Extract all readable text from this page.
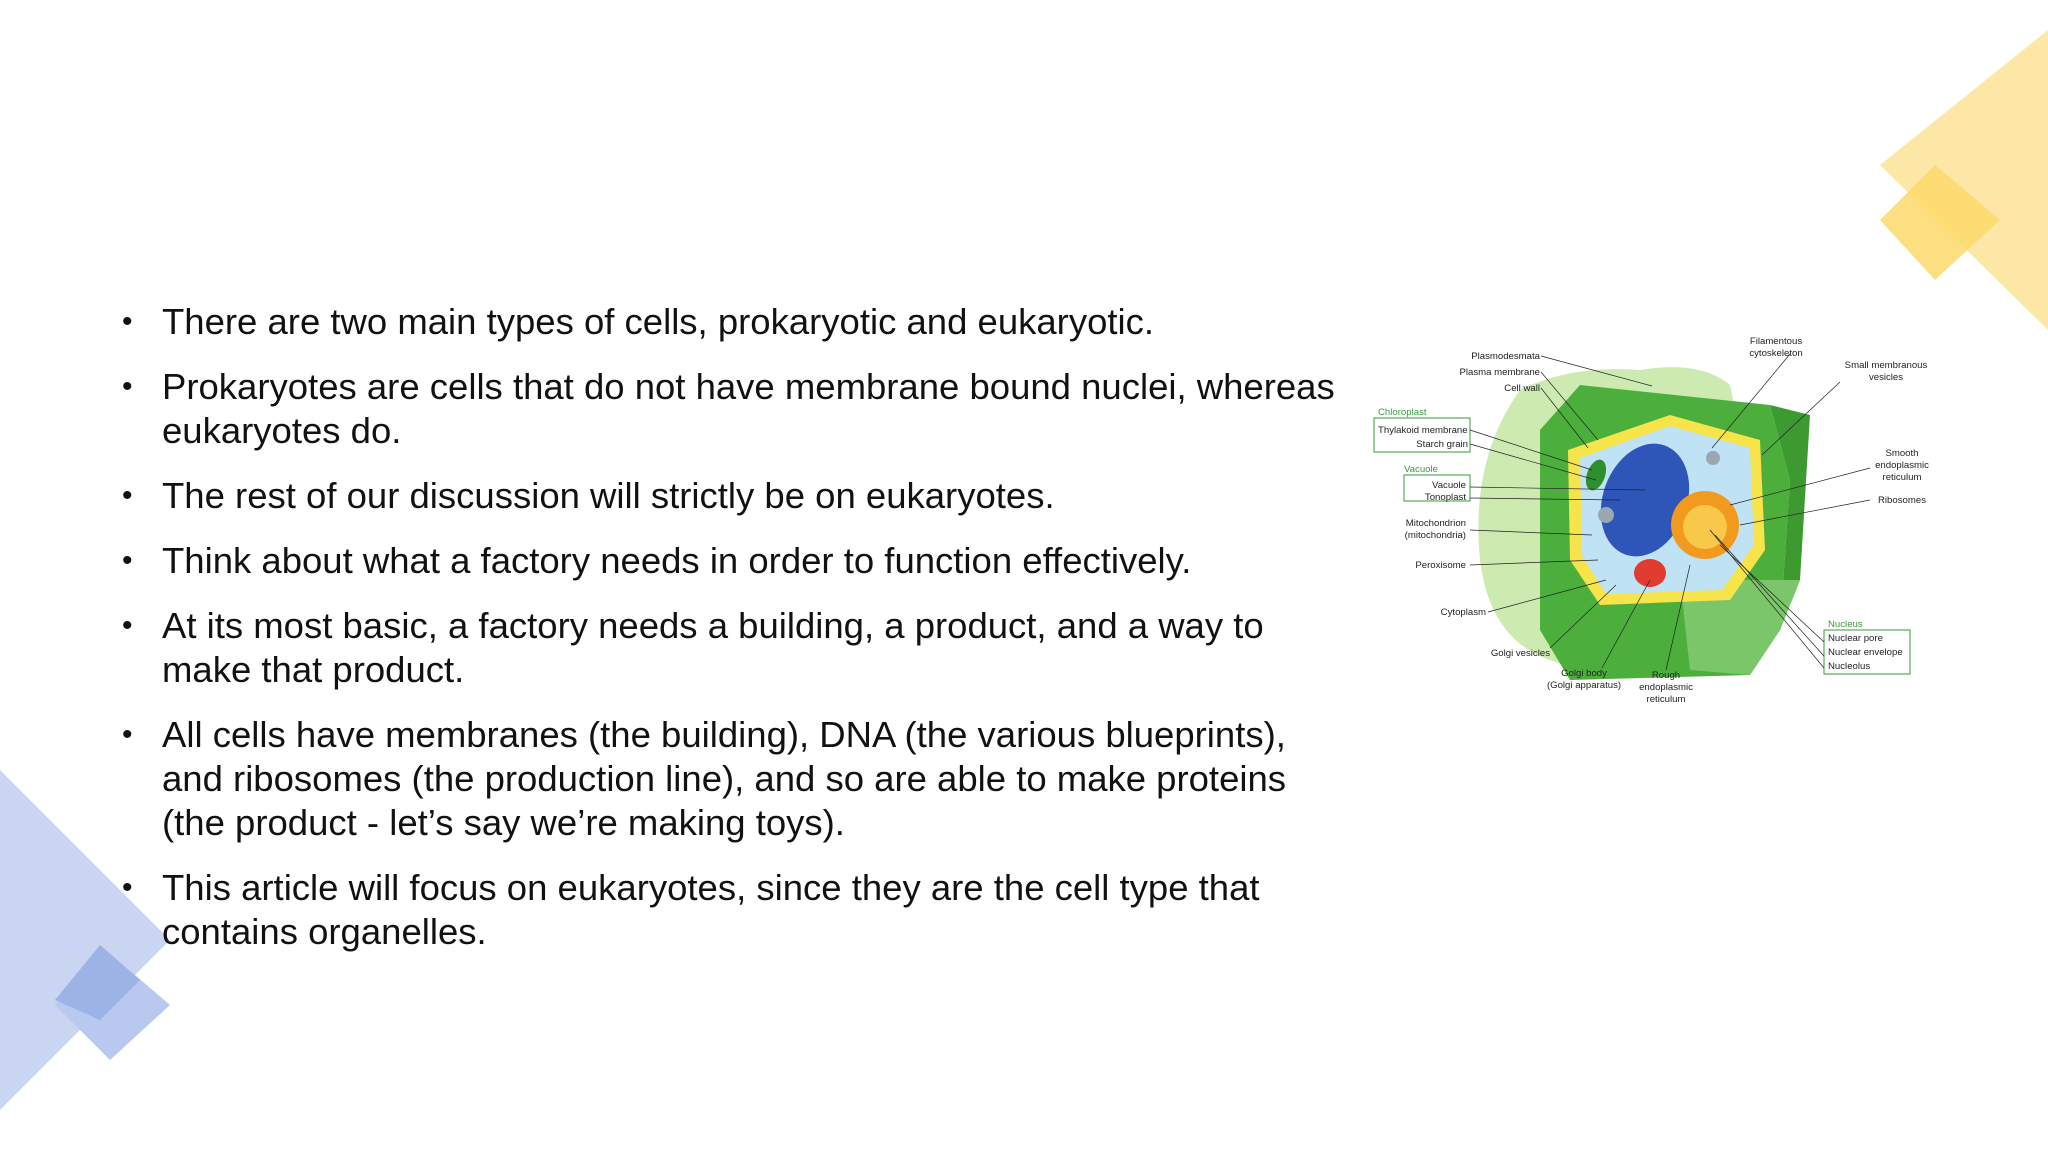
• There are two main types of cells, prokaryotic and eukaryotic.
• Prokaryotes are cells that do not have membrane bound nuclei, whereas eukaryotes do.
• The rest of our discussion will strictly be on eukaryotes.
• Think about what a factory needs in order to function effectively.
• At its most basic, a factory needs a building, a product, and a way to make that product.
• All cells have membranes (the building), DNA (the various blueprints), and ribosomes (the production line), and so are able to make proteins (the product - let’s say we’re making toys).
• This article will focus on eukaryotes, since they are the cell type that contains organelles.
Plasmodesmata
Plasma membrane
Cell wall
Chloroplast
Thylakoid membrane
Starch grain
Vacuole
Vacuole
Tonoplast
Mitochondrion
(mitochondria)
Peroxisome
Cytoplasm
Golgi vesicles
Golgi body
(Golgi apparatus)
Rough
endoplasmic
reticulum
Filamentous
cytoskeleton
Small membranous
vesicles
Smooth
endoplasmic
reticulum
Ribosomes
Nucleus
Nuclear pore
Nuclear envelope
Nucleolus
